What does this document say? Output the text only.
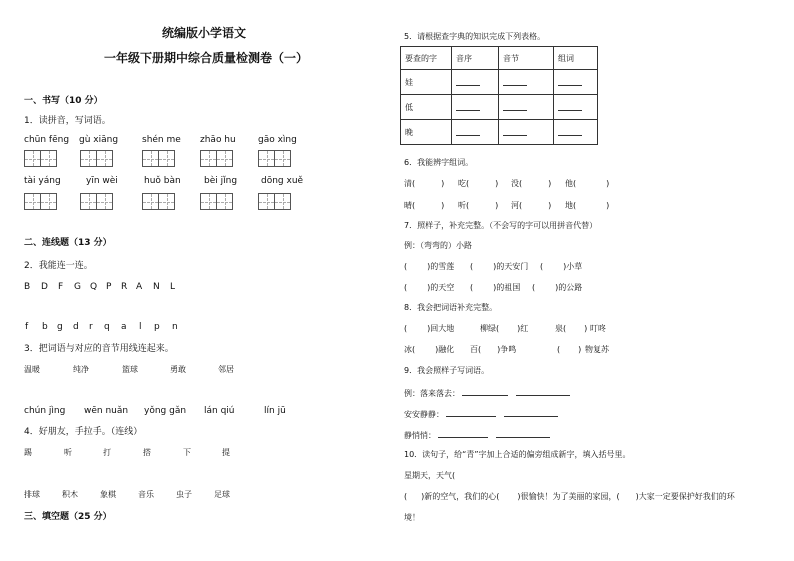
统编版小学语文
一年级下册期中综合质量检测卷（一）
一、书写（10 分）
1．读拼音，写词语。
chūn fēng gù xiāng	shén me zhāo hu gāo xìng
tài yáng	yīn wèi	huǒ bàn	bèi jǐng	dōng xuě
二、连线题（13 分）
2．我能连一连。
B D F G Q P R A N L
f b g d r q a l p n
3．把词语与对应的音节用线连起来。
温暖	纯净	篮球	勇敢	邻居
chún jìng wēn nuǎn yǒng gǎn lán qiú	lín jū
4．好朋友，手拉手。（连线）
踢	听	打	搭	下	提
排球	积木	象棋	音乐	虫子	足球
三、填空题（25 分）
5．请根据查字典的知识完成下列表格。
要查的字	音序	音节	组词
娃			
低			
晚			
6．我能辨字组词。
清(	) 吃(	) 没(	) 他(	)
晴(	) 听(	) 河(	) 地(	)
7．照样子，补充完整。（不会写的字可以用拼音代替）
例：（弯弯的）小路
(	)的雪莲 (	)的天安门 (	)小草
(	)的天空 (	)的祖国 (	)的公路
8．我会把词语补充完整。
(	)回大地	柳绿( )红	泉( ) 叮咚
冰(	)融化 百( )争鸣	( ) 物复苏
9．我会照样子写词语。
例：落来落去：
安安静静：
静悄悄：
10．读句子，给“青”字加上合适的偏旁组成新字，填入括号里。
星期天，天气(
( )新的空气，我们的心( )很愉快！为了美丽的家园，( )大家一定要保护好我们的环
境！
